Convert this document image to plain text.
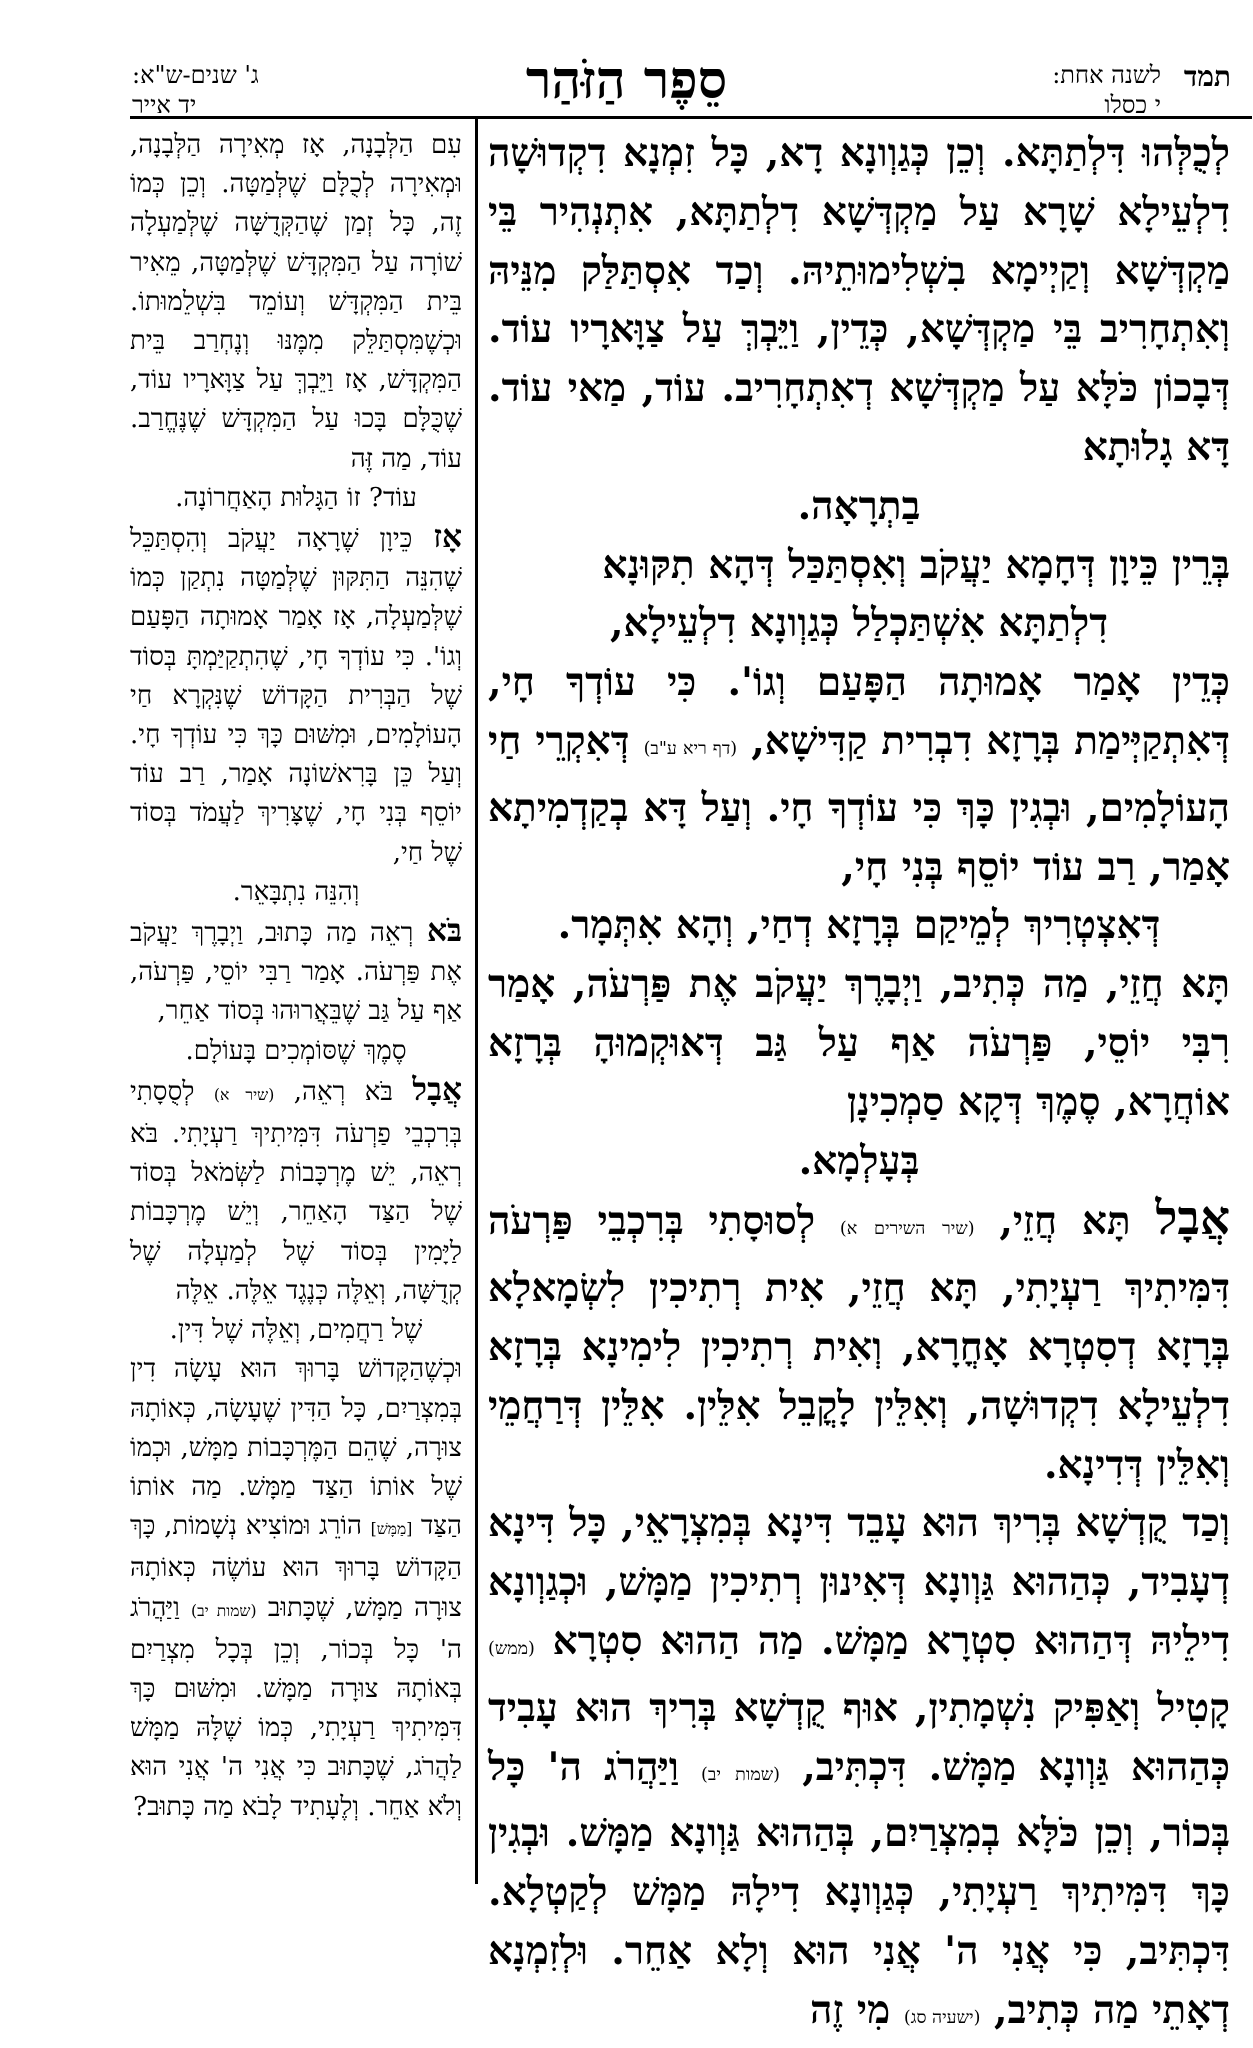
תמד
לשנה אחת:
י כסלו
סֵפֶר הַזֹּהַר
ג' שנים-ש"א:
יד אייר

לְכֻלְּהוּ דִּלְתַתָּא. וְכֵן כְּגַוְונָא דָא, כָּל זִמְנָא דִקְדוּשָׁה דִלְעֵילָא שָׁרָא עַל מַקְדְּשָׁא דִלְתַתָּא, אִתְנְהִיר בֵּי מַקְדְּשָׁא וְקַיְימָא בִשְׁלִימוּתֵיהּ. וְכַד אִסְתַּלַּק מִנֵּיהּ וְאִתְחָרִיב בֵּי מַקְדְּשָׁא, כְּדֵין, וַיֵּבְךְּ עַל צַוָּארָיו עוֹד. דְּבָכוֹן כֹּלָּא עַל מַקְדְּשָׁא דְאִתְחָרִיב. עוֹד, מַאי עוֹד. דָּא גָלוּתָא

בַתְרָאָה.

בְּרֵין כֵּיוָן דְּחָמָא יַעֲקֹב וְאִסְתַּכַּל דְּהָא תִקּוּנָא

דִלְתַתָּא אִשְׁתַּכְלַל כְּגַוְונָא דִלְעֵילָא,

כְּדֵין אָמַר אָמוּתָה הַפָּעַם וְגוֹ'. כִּי עוֹדְךָ חָי, דְּאִתְקַיְּימַת בְּרָזָא דִבְרִית קַדִּישָׁא, (דף ריא ע"ב) דְּאִקְרֵי חַי הָעוֹלָמִים, וּבְגִין כָּךְ כִּי עוֹדְךָ חָי. וְעַל דָּא בְקַדְמִיתָא אָמַר, רַב עוֹד יוֹסֵף בְּנִי חָי,

דְּאִצְטְרִיךְ לְמֵיקַם בְּרָזָא דְחַי, וְהָא אִתְּמָר.

תָּא חֲזֵי, מַה כְּתִיב, וַיְבָרֶךְ יַעֲקֹב אֶת פַּרְעֹה, אָמַר רִבִּי יוֹסֵי, פַּרְעֹה אַף עַל גַּב דְּאוּקְמוּהָ בְּרָזָא אוֹחֲרָא, סֶמֶךְ דְּקָא סַמְכִינָן

בְּעָלְמָא.

אֲבָל תָּא חֲזֵי, (שיר השירים א) לְסוּסָתִי בְּרִכְבֵי פַּרְעֹה דִּמִּיתִיךְ רַעְיָתִי, תָּא חֲזֵי, אִית רְתִיכִין לִשְׂמָאלָא בְּרָזָא דְסִטְרָא אָחֳרָא, וְאִית רְתִיכִין לִימִינָא בְּרָזָא דִלְעֵילָא דִקְדוּשָׁה, וְאִלֵּין לָקֳבֵל אִלֵּין. אִלֵּין דְּרַחֲמֵי וְאִלֵּין דְּדִינָא.

וְכַד קֻדְשָׁא בְּרִיךְ הוּא עָבֵד דִּינָא בְּמִצְרָאֵי, כָּל דִּינָא דְעָבִיד, כְּהַהוּא גַּוְונָא דְּאִינוּן רְתִיכִין מַמָּשׁ, וּכְגַוְונָא דִילֵיהּ דְּהַהוּא סִטְרָא מַמָּשׁ. מַה הַהוּא סִטְרָא (ממש) קָטִיל וְאַפִּיק נִשְׁמָתִין, אוּף קֻדְשָׁא בְּרִיךְ הוּא עָבִיד כְּהַהוּא גַּוְונָא מַמָּשׁ. דִּכְתִּיב, (שמות יב) וַיַּהֲרֹג ה' כָּל בְּכוֹר, וְכֵן כֹּלָּא בְמִצְרַיִם, בְּהַהוּא גַּוְונָא מַמָּשׁ. וּבְגִין כָּךְ דִּמִּיתִיךְ רַעְיָתִי, כְּגַוְונָא דִילָהּ מַמָּשׁ לְקַטְלָא. דִּכְתִּיב, כִּי אֲנִי ה' אֲנִי הוּא וְלָא אַחֵר. וּלְזִמְנָא דְאָתֵי מַה כְּתִיב, (ישעיה סג) מִי זֶה

עִם הַלְּבָנָה, אָז מְאִירָה הַלְּבָנָה, וּמְאִירָה לְכֻלָּם שֶׁלְּמַטָּה. וְכֵן כְּמוֹ זֶה, כָּל זְמַן שֶׁהַקְּדֻשָּׁה שֶׁלְּמַעְלָה שׁוֹרָה עַל הַמִּקְדָּשׁ שֶׁלְּמַטָּה, מֵאִיר בֵּית הַמִּקְדָּשׁ וְעוֹמֵד בִּשְׁלֵמוּתוֹ. וּכְשֶׁמִּסְתַּלֵּק מִמֶּנּוּ וְנֶחְרַב בֵּית הַמִּקְדָּשׁ, אָז וַיֵּבְךְּ עַל צַוָּארָיו עוֹד, שֶׁכֻּלָּם בָּכוּ עַל הַמִּקְדָּשׁ שֶׁנֶּחֱרַב. עוֹד, מַה זֶּה

עוֹד? זוֹ הַגָּלוּת הָאַחֲרוֹנָה.

אָז כֵּיוָן שֶׁרָאָה יַעֲקֹב וְהִסְתַּכֵּל שֶׁהִנֵּה הַתִּקּוּן שֶׁלְּמַטָּה נִתְקַן כְּמוֹ שֶׁלְּמַעְלָה, אָז אָמַר אָמוּתָה הַפָּעַם וְגוֹ'. כִּי עוֹדְךָ חָי, שֶׁהִתְקַיַּמְתָּ בְּסוֹד שֶׁל הַבְּרִית הַקָּדוֹשׁ שֶׁנִּקְרָא חַי הָעוֹלָמִים, וּמִשּׁוּם כָּךְ כִּי עוֹדְךָ חָי. וְעַל כֵּן בָּרִאשׁוֹנָה אָמַר, רַב עוֹד יוֹסֵף בְּנִי חָי, שֶׁצָּרִיךְ לַעֲמֹד בְּסוֹד שֶׁל חַי,

וְהִנֵּה נִתְבָּאֵר.

בֹּא רְאֵה מַה כָּתוּב, וַיְבָרֶךְ יַעֲקֹב אֶת פַּרְעֹה. אָמַר רַבִּי יוֹסֵי, פַּרְעֹה, אַף עַל גַּב שֶׁבֵּאֲרוּהוּ בְּסוֹד אַחֵר,

סֶמֶךְ שֶׁסּוֹמְכִים בָּעוֹלָם.

אֲבָל בֹּא רְאֵה, (שיר א) לְסֻסָתִי בְּרִכְבֵי פַרְעֹה דִּמִּיתִיךְ רַעְיָתִי. בֹּא רְאֵה, יֵשׁ מֶרְכָּבוֹת לַשְּׂמֹאל בְּסוֹד שֶׁל הַצַּד הָאַחֵר, וְיֵשׁ מֶרְכָּבוֹת לַיָּמִין בְּסוֹד שֶׁל לְמַעְלָה שֶׁל קְדֻשָּׁה, וְאֵלֶּה כְּנֶגֶד אֵלֶּה. אֵלֶּה

שֶׁל רַחֲמִים, וְאֵלֶּה שֶׁל דִּין.

וּכְשֶׁהַקָּדוֹשׁ בָּרוּךְ הוּא עָשָׂה דִין בְּמִצְרַיִם, כָּל הַדִּין שֶׁעָשָׂה, כְּאוֹתָהּ צוּרָה, שֶׁהֵם הַמֶּרְכָּבוֹת מַמָּשׁ, וּכְמוֹ שֶׁל אוֹתוֹ הַצַּד מַמָּשׁ. מַה אוֹתוֹ הַצַּד [מַמָּשׁ] הוֹרֵג וּמוֹצִיא נְשָׁמוֹת, כָּךְ הַקָּדוֹשׁ בָּרוּךְ הוּא עוֹשֶׂה כְּאוֹתָהּ צוּרָה מַמָּשׁ, שֶׁכָּתוּב (שמות יב) וַיַּהֲרֹג ה' כָּל בְּכוֹר, וְכֵן בְּכָל מִצְרַיִם בְּאוֹתָהּ צוּרָה מַמָּשׁ. וּמִשּׁוּם כָּךְ דִּמִּיתִיךְ רַעְיָתִי, כְּמוֹ שֶׁלָּהּ מַמָּשׁ לַהֲרֹג, שֶׁכָּתוּב כִּי אֲנִי ה' אֲנִי הוּא וְלֹא אַחֵר. וְלֶעָתִיד לָבֹא מַה כָּתוּב?
